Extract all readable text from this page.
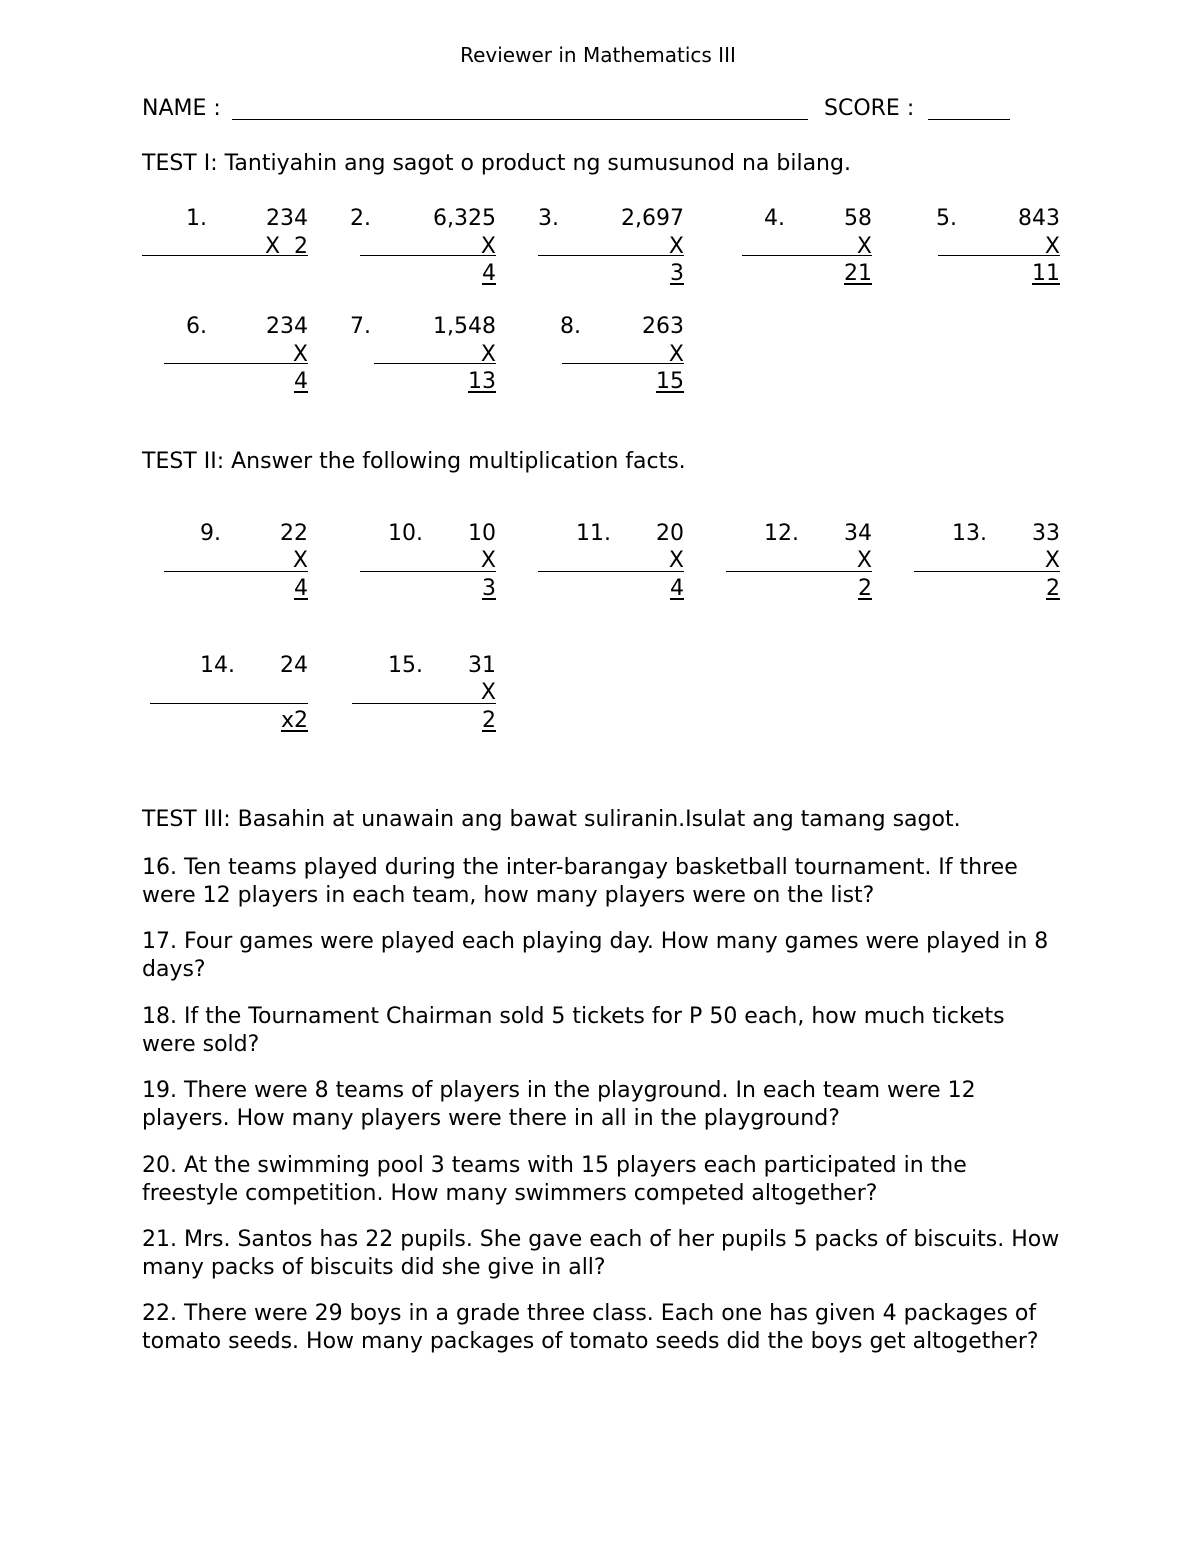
Reviewer in Mathematics III
NAME :	SCORE :
TEST I: Tantiyahin ang sagot o product ng sumusunod na bilang.
1.	234
X  2
2.	6,325
X
4
3.	2,697
X
3
4.	58
X
21
5.	843
X
11
6.	234
X
4
7.	1,548
X
13
8.	263
X
15
TEST II: Answer the following multiplication facts.
9.	22
X
4
10.	10
X
3
11.	20
X
4
12.	34
X
2
13.	33
X
2
14.	24
x2
15.	31
X
2
TEST III: Basahin at unawain ang bawat suliranin.Isulat ang tamang sagot.
16. Ten teams played during the inter-barangay basketball tournament. If three were 12 players in each team, how many players were on the list?
17. Four games were played each playing day. How many games were played in 8 days?
18. If the Tournament Chairman sold 5 tickets for P 50 each, how much tickets were sold?
19. There were 8 teams of players in the playground. In each team were 12 players. How many players were there in all in the playground?
20. At the swimming pool 3 teams with 15 players each participated in the freestyle competition. How many swimmers competed altogether?
21. Mrs. Santos has 22 pupils. She gave each of her pupils 5 packs of biscuits. How many packs of biscuits did she give in all?
22. There were 29 boys in a grade three class. Each one has given 4 packages of tomato seeds. How many packages of tomato seeds did the boys get altogether?
